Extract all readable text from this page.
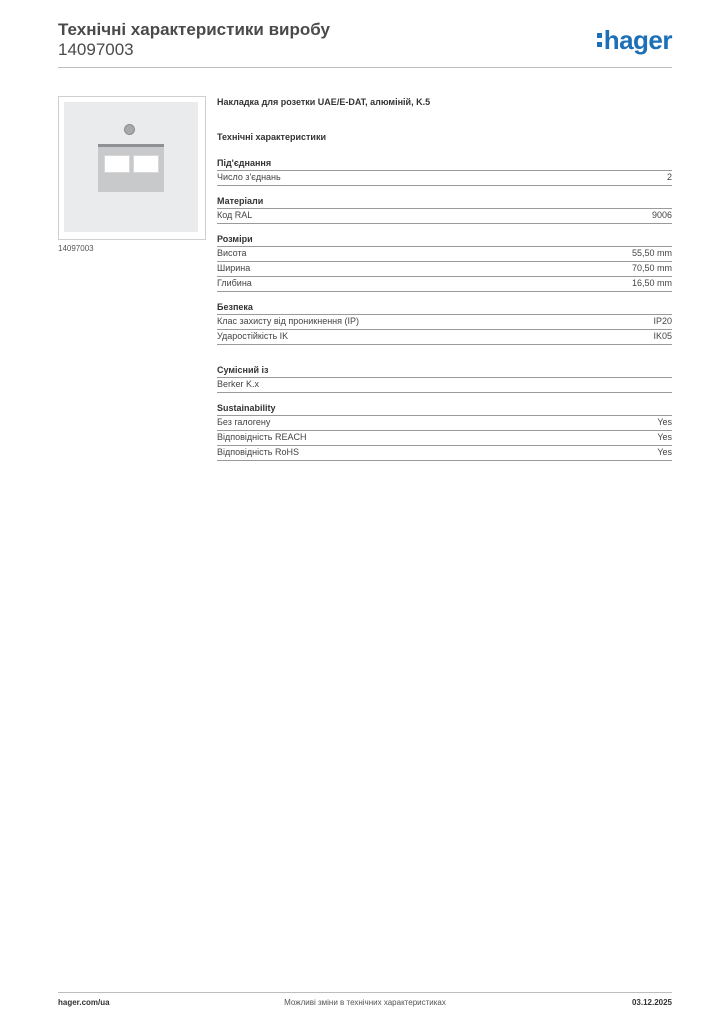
Технічні характеристики виробу
14097003	hager
14097003
Накладка для розетки UAE/E-DAT, алюміній, K.5
Технічні характеристики
Під'єднання
Число з'єднань	2
Матеріали
Код RAL	9006
Розміри
Висота	55,50 mm
Ширина	70,50 mm
Глибина	16,50 mm
Безпека
Клас захисту від проникнення (IP)	IP20
Ударостійкість IK	IK05
Сумісний із
Berker K.x
Sustainability
Без галогену	Yes
Відповідність REACH	Yes
Відповідність RoHS	Yes
hager.com/ua	Можливі зміни в технічних характеристиках	03.12.2025
